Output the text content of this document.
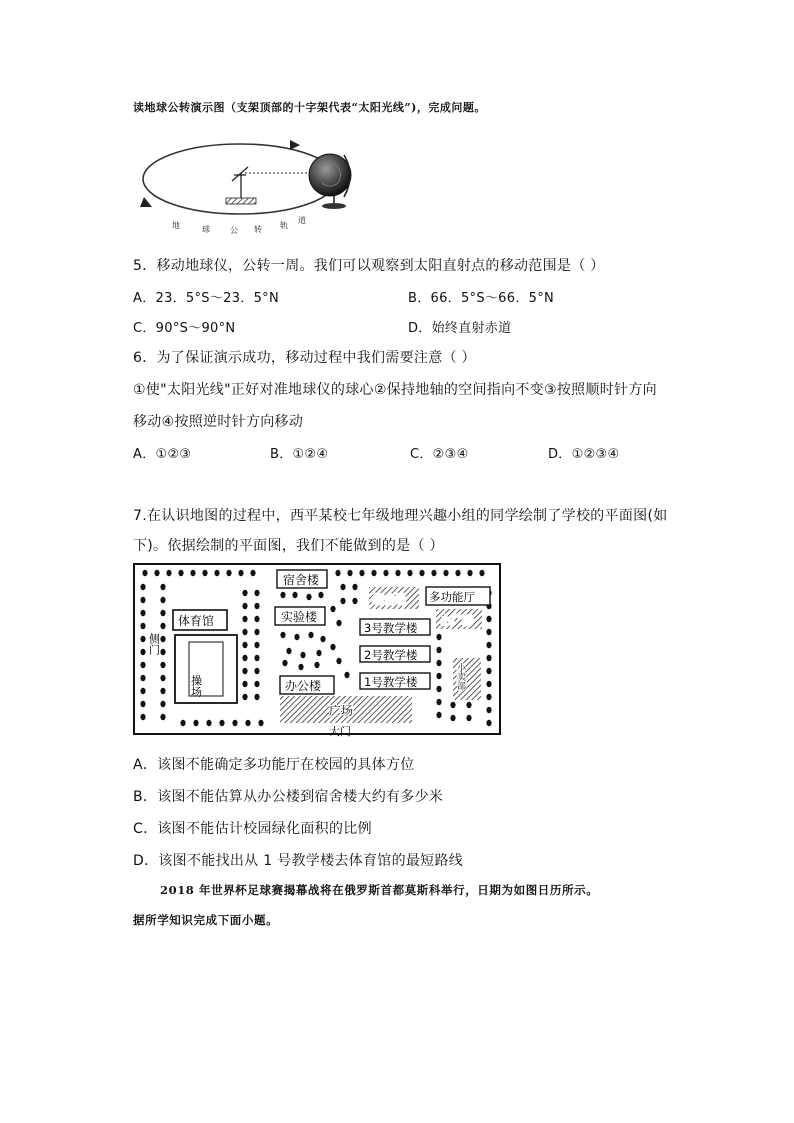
读地球公转演示图（支架顶部的十字架代表“太阳光线”)，完成问题。
地	球	公 转 轨
道
5．移动地球仪，公转一周。我们可以观察到太阳直射点的移动范围是（ ）
A．23．5°S～23．5°N	B．66．5°S～66．5°N
C．90°S～90°N	D．始终直射赤道
6．为了保证演示成功，移动过程中我们需要注意（ ）
①使"太阳光线"正好对准地球仪的球心②保持地轴的空间指向不变③按照顺时针方向
移动④按照逆时针方向移动
A．①②③	B．①②④	C．②③④	D．①②③④
7.在认识地图的过程中，西平某校七年级地理兴趣小组的同学绘制了学校的平面图(如
下)。依据绘制的平面图，我们不能做到的是（ ）
体育馆
操场
侧门
宿舍楼
实验楼
办公楼
综合场
小广场
小卖部
多功能厅
3号教学楼
2号教学楼
1号教学楼
广场
大门
A．该图不能确定多功能厅在校园的具体方位
B．该图不能估算从办公楼到宿舍楼大约有多少米
C．该图不能估计校园绿化面积的比例
D．该图不能找出从 1 号教学楼去体育馆的最短路线
2018 年世界杯足球赛揭幕战将在俄罗斯首都莫斯科举行，日期为如图日历所示。
据所学知识完成下面小题。
